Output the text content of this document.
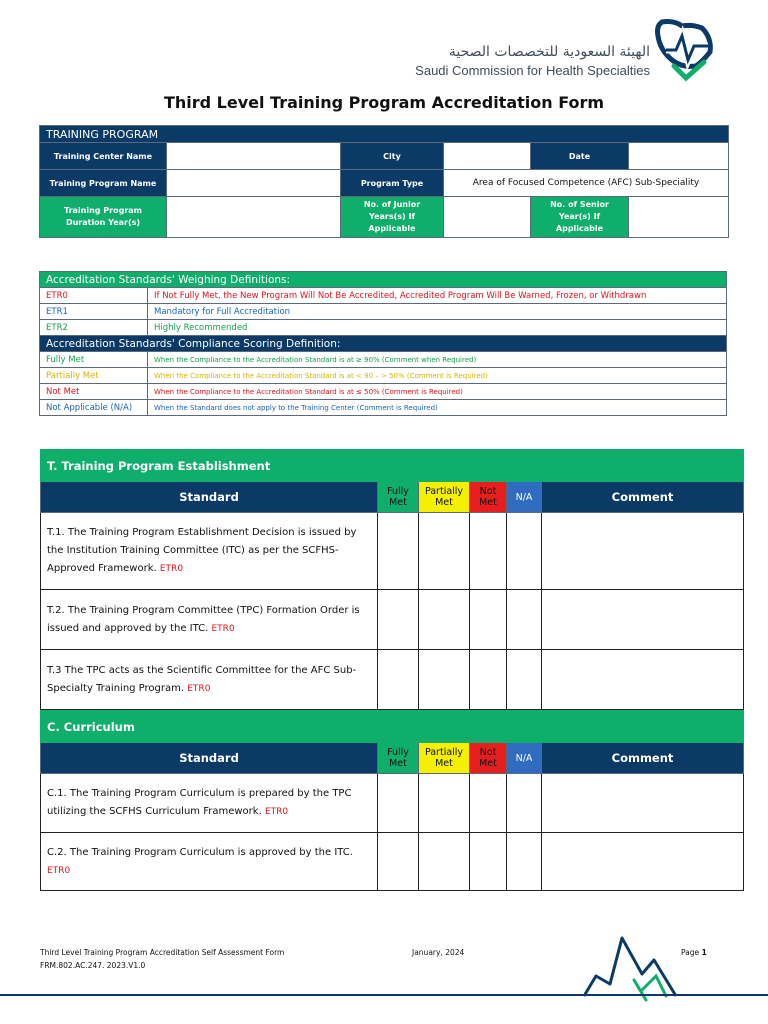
الهيئة السعودية للتخصصات الصحية
Saudi Commission for Health Specialties
Third Level Training Program Accreditation Form
TRAINING PROGRAM					
Training Center Name		City		Date	
Training Program Name		Program Type	Area of Focused Competence (AFC) Sub-Speciality		
Training Program Duration Year(s)		No. of Junior Years(s) If Applicable		No. of Senior Year(s) If Applicable	
Accreditation Standards' Weighing Definitions:	
ETR0	If Not Fully Met, the New Program Will Not Be Accredited, Accredited Program Will Be Warned, Frozen, or Withdrawn
ETR1	Mandatory for Full Accreditation
ETR2	Highly Recommended
Accreditation Standards' Compliance Scoring Definition:	
Fully Met	When the Compliance to the Accreditation Standard is at ≥ 90% (Comment when Required)
Partially Met	When the Compliance to the Accreditation Standard is at < 90 – > 50% (Comment is Required)
Not Met	When the Compliance to the Accreditation Standard is at ≤ 50% (Comment is Required)
Not Applicable (N/A)	When the Standard does not apply to the Training Center (Comment is Required)
T. Training Program Establishment					
Standard	Fully Met	Partially Met	Not Met	N/A	Comment
T.1. The Training Program Establishment Decision is issued by the Institution Training Committee (ITC) as per the SCFHS-Approved Framework. ETR0					
T.2. The Training Program Committee (TPC) Formation Order is issued and approved by the ITC. ETR0					
T.3 The TPC acts as the Scientific Committee for the AFC Sub-Specialty Training Program. ETR0					
C. Curriculum					
Standard	Fully Met	Partially Met	Not Met	N/A	Comment
C.1. The Training Program Curriculum is prepared by the TPC utilizing the SCFHS Curriculum Framework. ETR0					
C.2. The Training Program Curriculum is approved by the ITC. ETR0					
Third Level Training Program Accreditation Self Assessment Form
FRM.802.AC.247. 2023.V1.0
January, 2024	Page 1
